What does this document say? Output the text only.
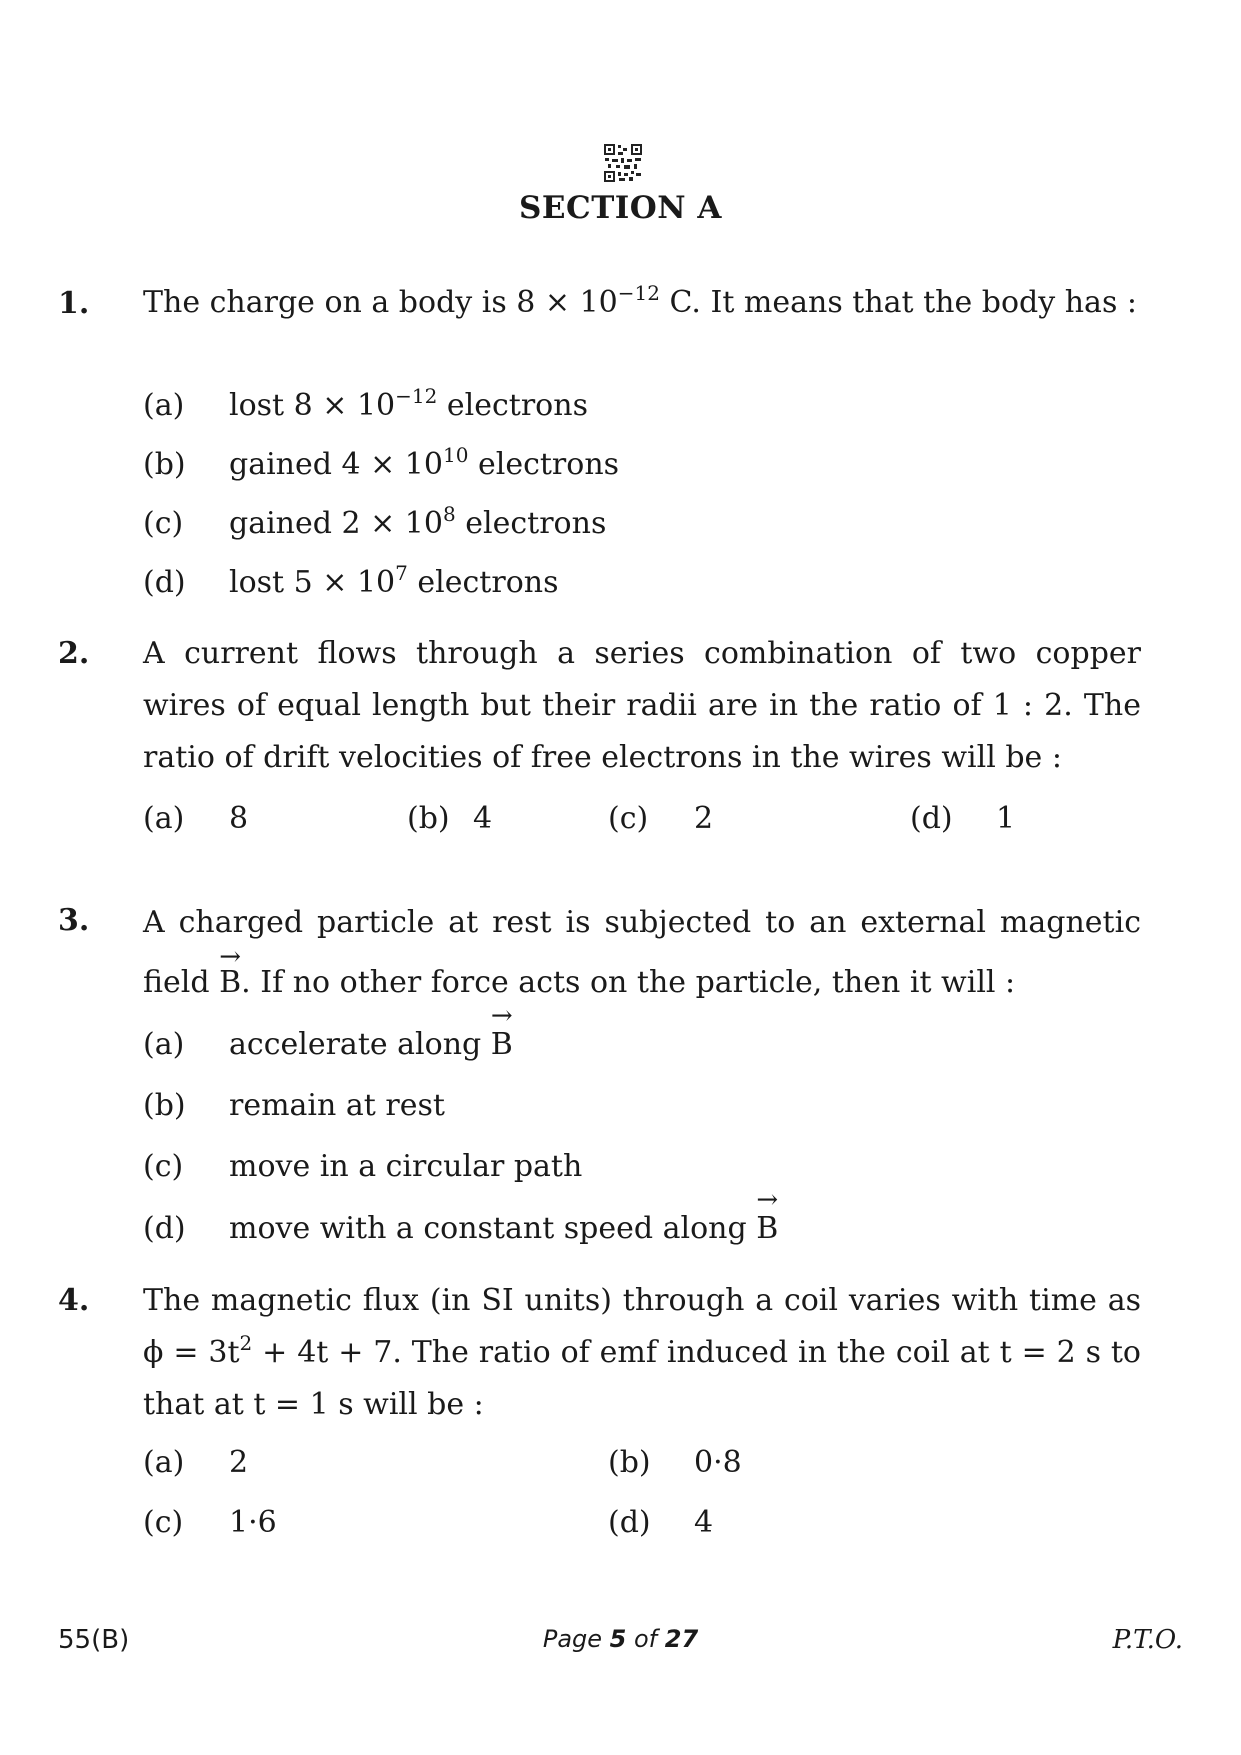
SECTION A
1. The charge on a body is $8 \times 10^{-12}$ C. It means that the body has :
(a) lost $8 \times 10^{-12}$ electrons
(b) gained $4 \times 10^{10}$ electrons
(c) gained $2 \times 10^8$ electrons
(d) lost $5 \times 10^7$ electrons
2. A current flows through a series combination of two copper wires of equal length but their radii are in the ratio of 1 : 2. The ratio of drift velocities of free electrons in the wires will be :
(a) 8	(b) 4	(c) 2	(d) 1
3. A charged particle at rest is subjected to an external magnetic field → B. If no other force acts on the particle, then it will :
(a) accelerate along → B
(b) remain at rest
(c) move in a circular path
(d) move with a constant speed along → B
4. The magnetic flux (in SI units) through a coil varies with time as $\phi = 3t^2 + 4t + 7$. The ratio of emf induced in the coil at t = 2 s to that at t = 1 s will be :
(a) 2	(b) 0·8
(c) 1·6	(d) 4
55(B)	Page 5 of 27	P.T.O.
